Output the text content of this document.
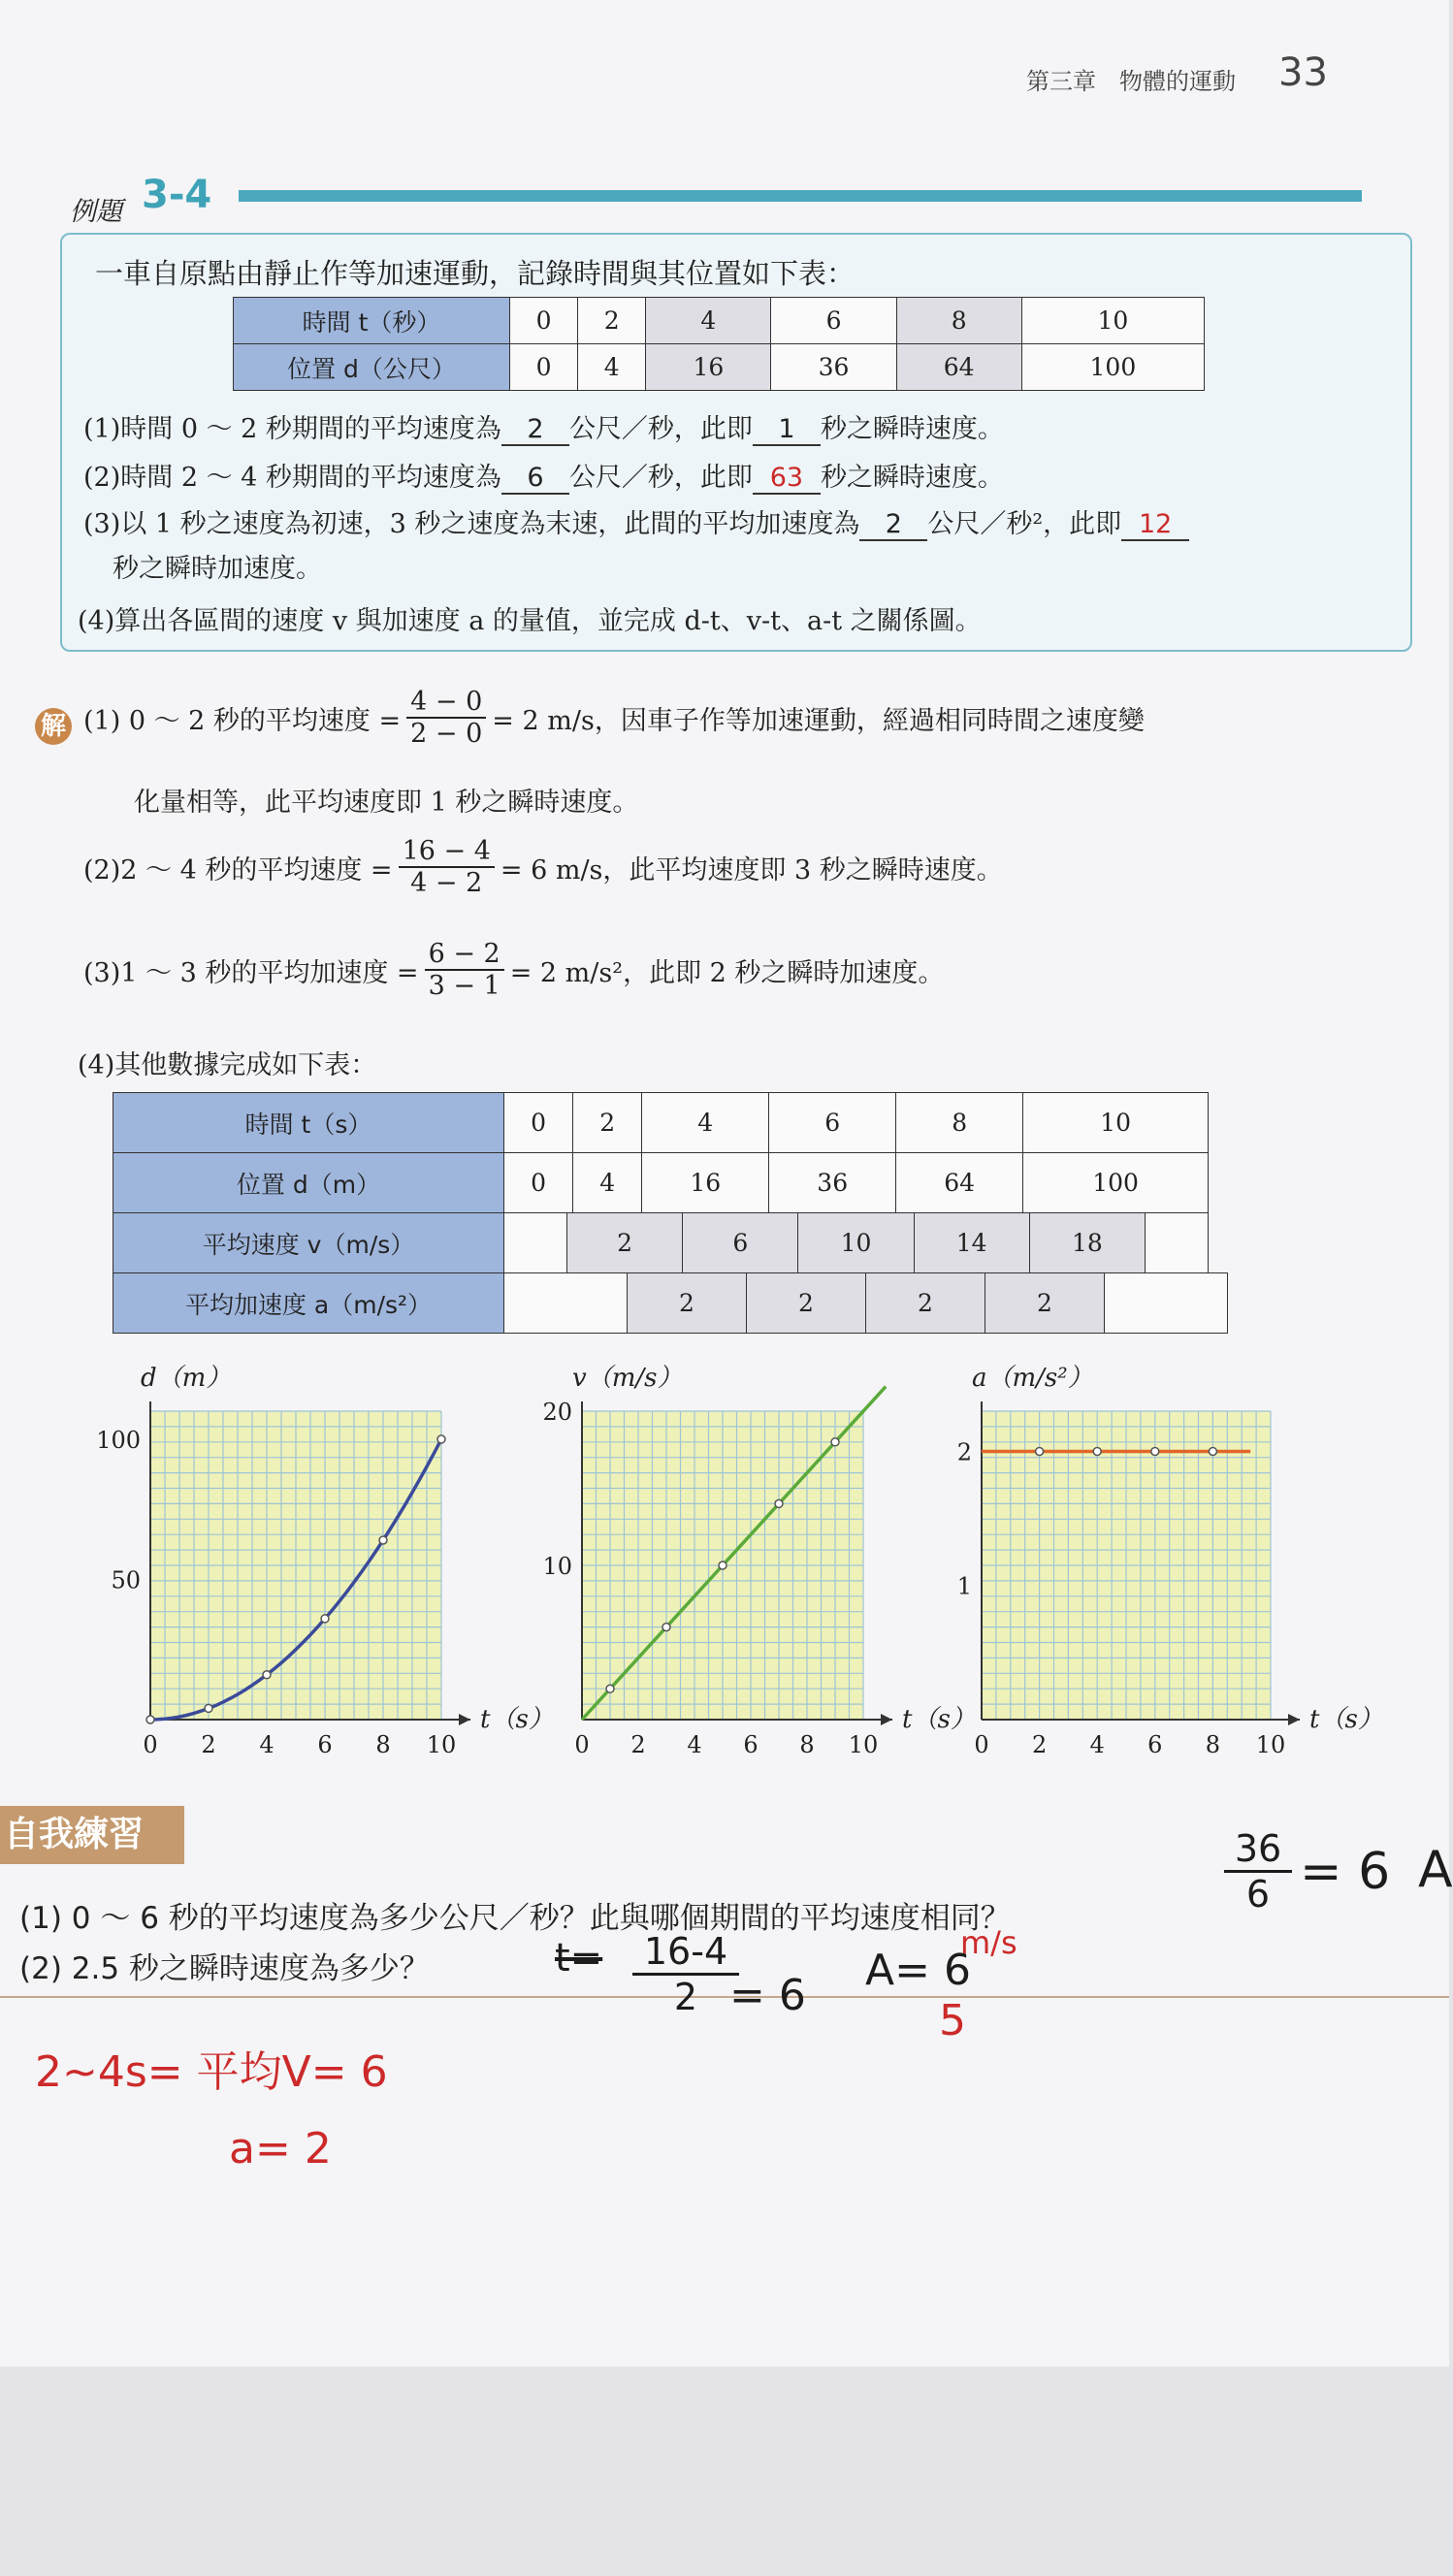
第三章　物體的運動 33
例題 3-4
一車自原點由靜止作等加速運動，記錄時間與其位置如下表：
時間 t（秒）	0	2	4	6	8	10
位置 d（公尺）	0	4	16	36	64	100
(1)時間 0 ～ 2 秒期間的平均速度為 2 公尺／秒，此即 1 秒之瞬時速度。
(2)時間 2 ～ 4 秒期間的平均速度為 6 公尺／秒，此即 63 秒之瞬時速度。
(3)以 1 秒之速度為初速，3 秒之速度為末速，此間的平均加速度為 2 公尺／秒²，此即 12
秒之瞬時加速度。
(4)算出各區間的速度 v 與加速度 a 的量值，並完成 d-t、v-t、a-t 之關係圖。
解 (1) 0 ～ 2 秒的平均速度 = $\frac{4 - 0}{2 - 0} = 2$ m/s，因車子作等加速運動，經過相同時間之速度變
化量相等，此平均速度即 1 秒之瞬時速度。
(2)2 ～ 4 秒的平均速度 = $\frac{16 - 4}{4 - 2} = 6$ m/s，此平均速度即 3 秒之瞬時速度。
(3)1 ～ 3 秒的平均加速度 = $\frac{6 - 2}{3 - 1} = 2$ m/s²，此即 2 秒之瞬時加速度。
(4)其他數據完成如下表：
時間 t（s）	0	2	4	6	8	10
位置 d（m）	0	4	16	36	64	100
平均速度 v（m/s）		2	6	10	14	18	
平均加速度 a（m/s²）		2	2	2	2	
0 2 4 6 8 10
50
100
t（s）
d（m）
0 2 4 6 8 10
10
20
t（s）
v（m/s）
0 2 4 6 8 10
1
2
t（s）
a（m/s²）
自我練習
(1) 0 ～ 6 秒的平均速度為多少公尺／秒？此與哪個期間的平均速度相同？
(2) 2.5 秒之瞬時速度為多少？
$\frac{36}{6} = 6$ A
$t= \frac{16-4}{2}$
= 6
A= 6
m/s
5
2~4s= 平均V= 6
a= 2
